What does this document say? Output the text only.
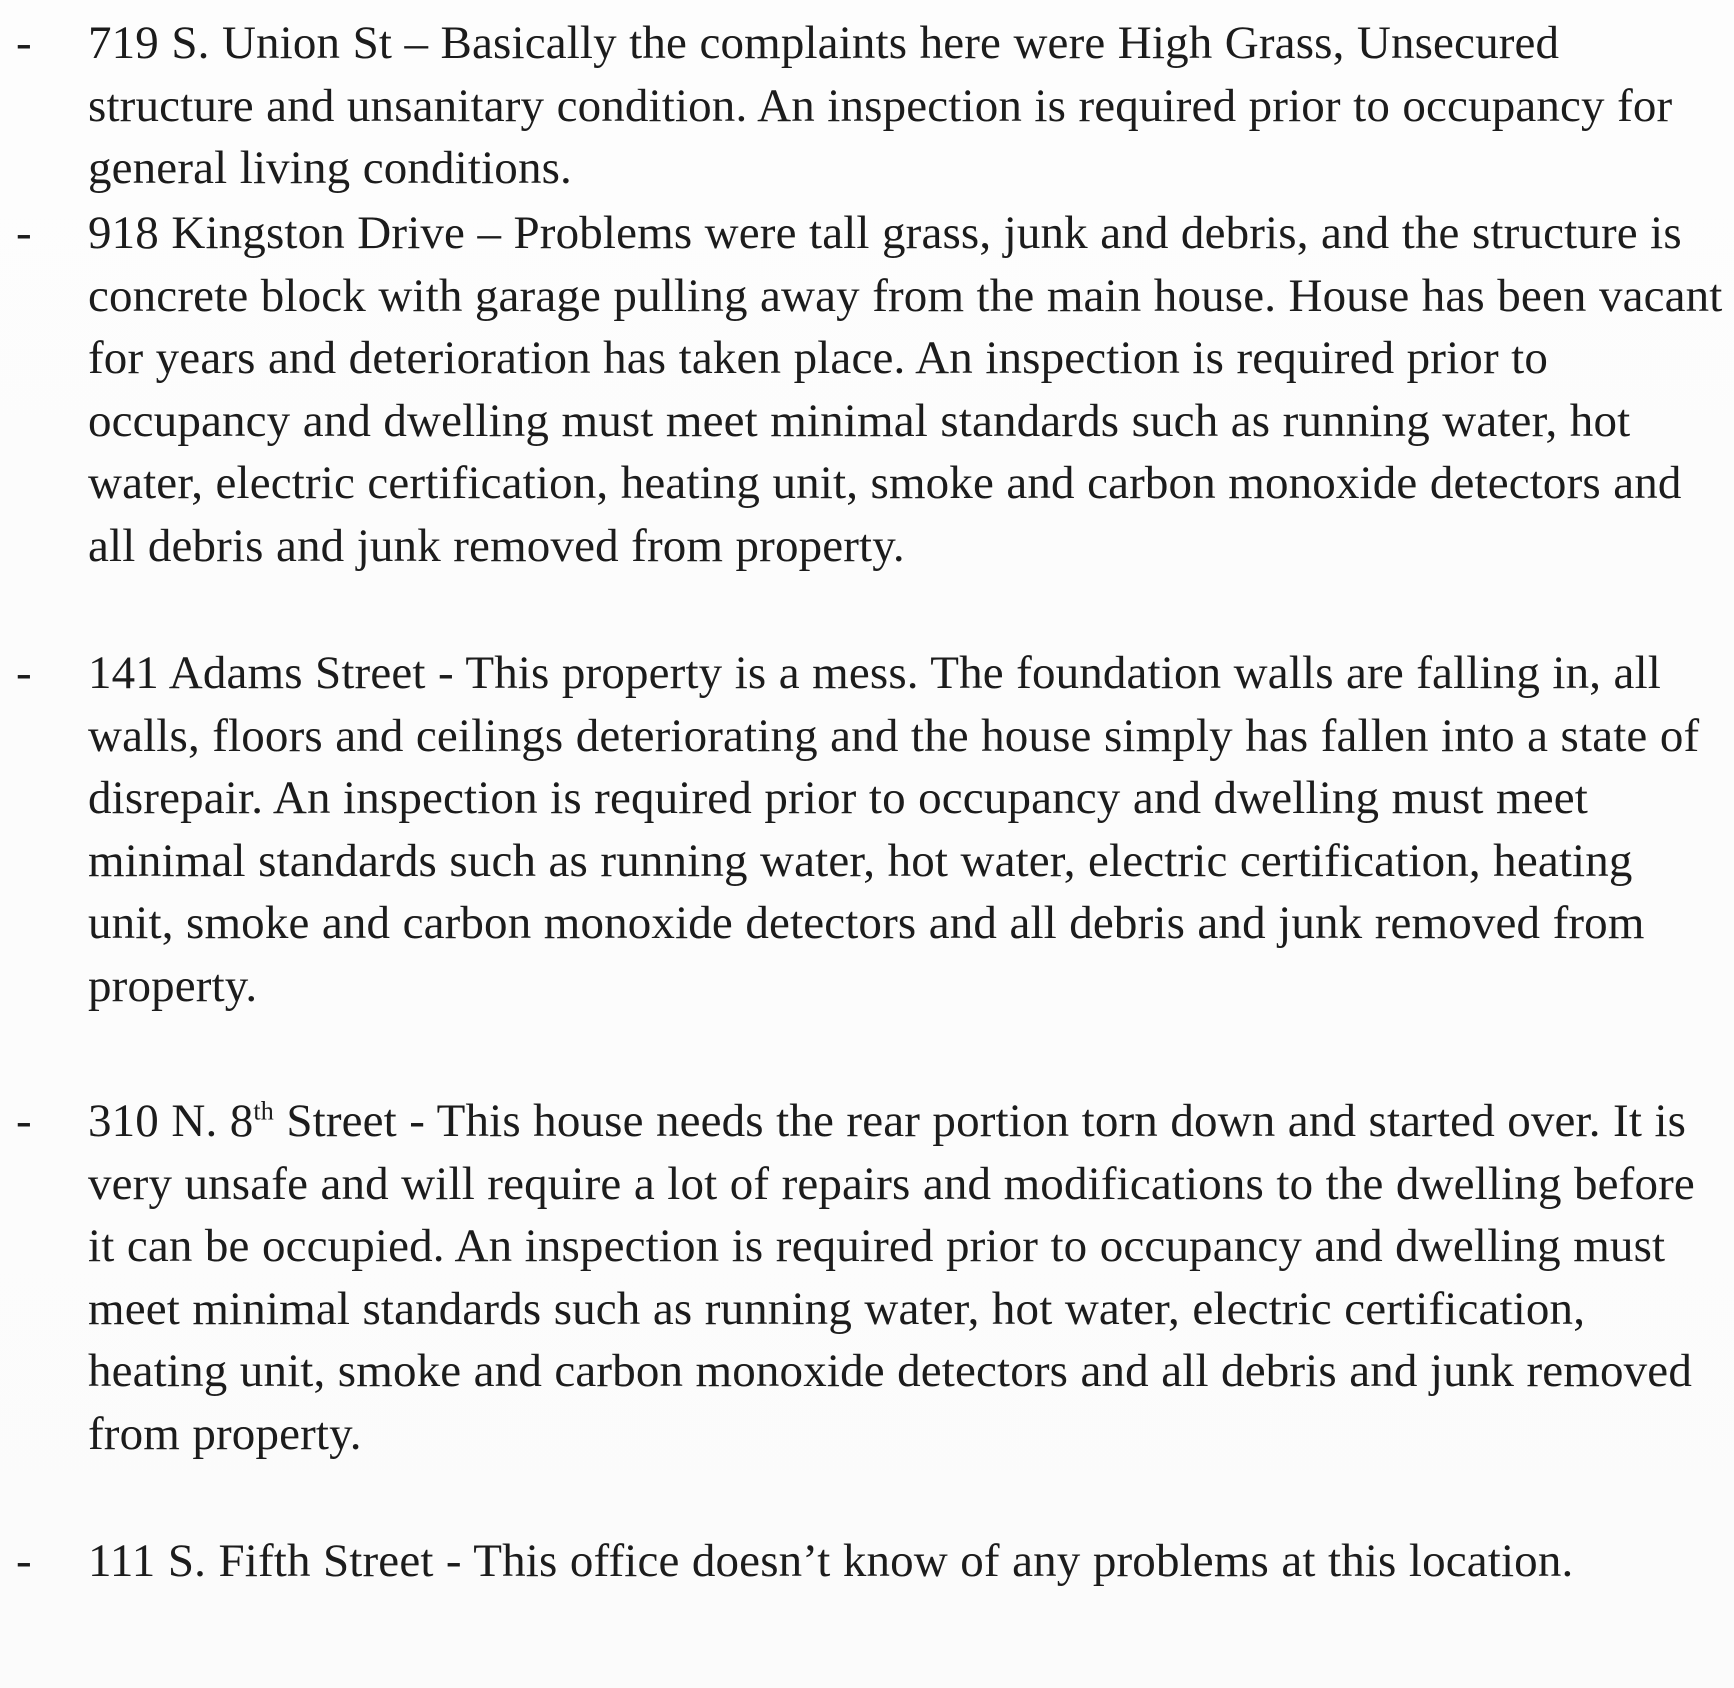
- 719 S. Union St – Basically the complaints here were High Grass, Unsecured structure and unsanitary condition. An inspection is required prior to occupancy for general living conditions.

- 918 Kingston Drive – Problems were tall grass, junk and debris, and the structure is concrete block with garage pulling away from the main house. House has been vacant for years and deterioration has taken place. An inspection is required prior to occupancy and dwelling must meet minimal standards such as running water, hot water, electric certification, heating unit, smoke and carbon monoxide detectors and all debris and junk removed from property.

- 141 Adams Street - This property is a mess. The foundation walls are falling in, all walls, floors and ceilings deteriorating and the house simply has fallen into a state of disrepair. An inspection is required prior to occupancy and dwelling must meet minimal standards such as running water, hot water, electric certification, heating unit, smoke and carbon monoxide detectors and all debris and junk removed from property.

- 310 N. 8th Street - This house needs the rear portion torn down and started over. It is very unsafe and will require a lot of repairs and modifications to the dwelling before it can be occupied. An inspection is required prior to occupancy and dwelling must meet minimal standards such as running water, hot water, electric certification, heating unit, smoke and carbon monoxide detectors and all debris and junk removed from property.

- 111 S. Fifth Street - This office doesn’t know of any problems at this location.
